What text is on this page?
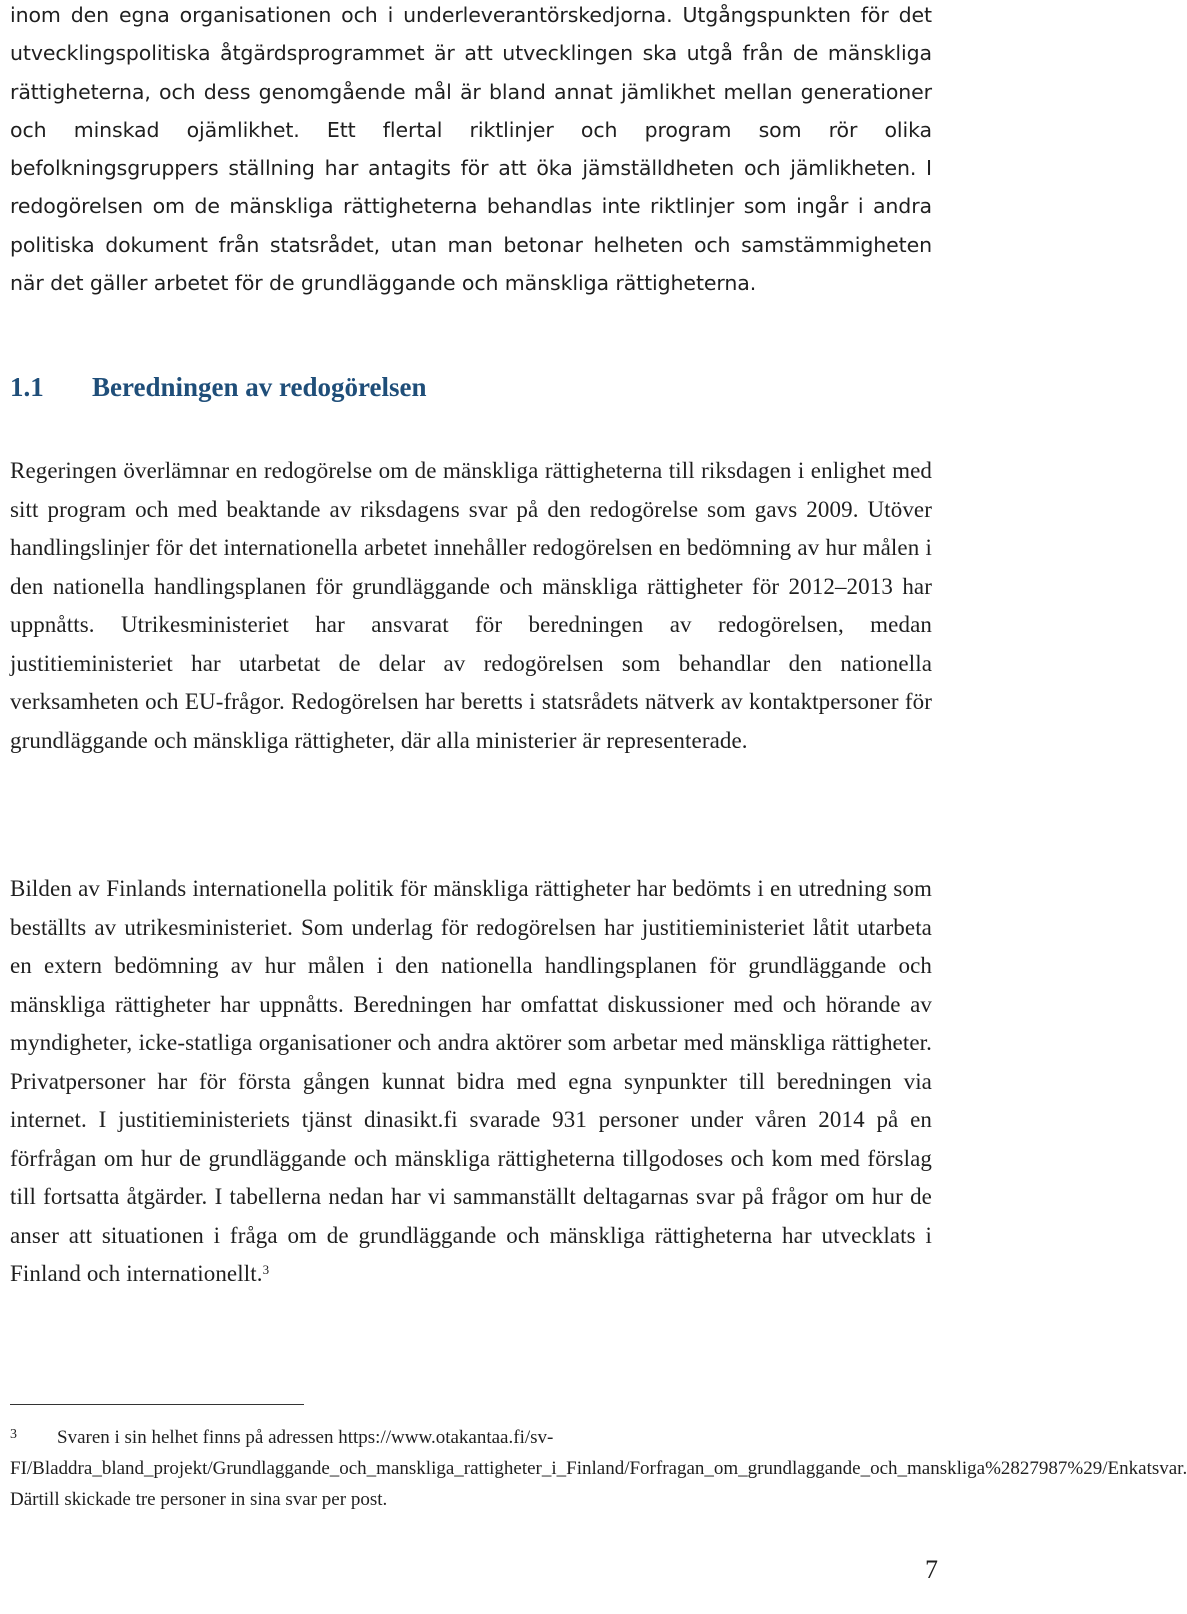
inom den egna organisationen och i underleverantörskedjorna. Utgångspunkten för det utvecklingspolitiska åtgärdsprogrammet är att utvecklingen ska utgå från de mänskliga rättigheterna, och dess genomgående mål är bland annat jämlikhet mellan generationer och minskad ojämlikhet. Ett flertal riktlinjer och program som rör olika befolkningsgruppers ställning har antagits för att öka jämställdheten och jämlikheten. I redogörelsen om de mänskliga rättigheterna behandlas inte riktlinjer som ingår i andra politiska dokument från statsrådet, utan man betonar helheten och samstämmigheten när det gäller arbetet för de grundläggande och mänskliga rättigheterna.

1.1 Beredningen av redogörelsen

Regeringen överlämnar en redogörelse om de mänskliga rättigheterna till riksdagen i enlighet med sitt program och med beaktande av riksdagens svar på den redogörelse som gavs 2009. Utöver handlingslinjer för det internationella arbetet innehåller redogörelsen en bedömning av hur målen i den nationella handlingsplanen för grundläggande och mänskliga rättigheter för 2012–2013 har uppnåtts. Utrikesministeriet har ansvarat för beredningen av redogörelsen, medan justitieministeriet har utarbetat de delar av redogörelsen som behandlar den nationella verksamheten och EU-frågor. Redogörelsen har beretts i statsrådets nätverk av kontaktpersoner för grundläggande och mänskliga rättigheter, där alla ministerier är representerade.

Bilden av Finlands internationella politik för mänskliga rättigheter har bedömts i en utredning som beställts av utrikesministeriet. Som underlag för redogörelsen har justitieministeriet låtit utarbeta en extern bedömning av hur målen i den nationella handlingsplanen för grundläggande och mänskliga rättigheter har uppnåtts. Beredningen har omfattat diskussioner med och hörande av myndigheter, icke-statliga organisationer och andra aktörer som arbetar med mänskliga rättigheter. Privatpersoner har för första gången kunnat bidra med egna synpunkter till beredningen via internet. I justitieministeriets tjänst dinasikt.fi svarade 931 personer under våren 2014 på en förfrågan om hur de grundläggande och mänskliga rättigheterna tillgodoses och kom med förslag till fortsatta åtgärder. I tabellerna nedan har vi sammanställt deltagarnas svar på frågor om hur de anser att situationen i fråga om de grundläggande och mänskliga rättigheterna har utvecklats i Finland och internationellt.$^3$

3 Svaren i sin helhet finns på adressen https://www.otakantaa.fi/sv-FI/Bladdra_bland_projekt/Grundlaggande_och_manskliga_rattigheter_i_Finland/Forfragan_om_grundlaggande_och_manskliga%2827987%29/Enkatsvar. Därtill skickade tre personer in sina svar per post.

7
